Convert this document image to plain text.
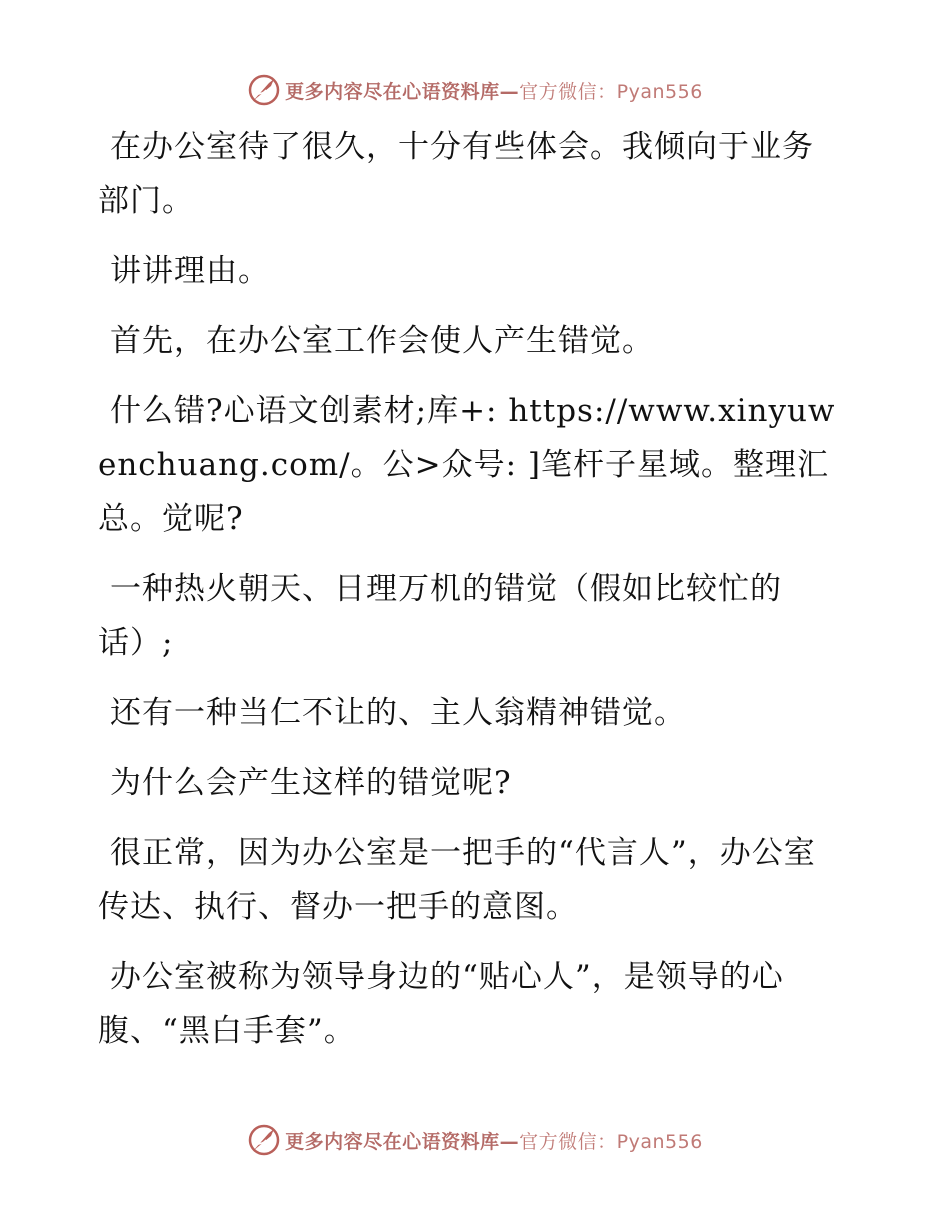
更多内容尽在心语资料库—官方微信：Pyan556

在办公室待了很久，十分有些体会。我倾向于业务部门。

讲讲理由。

首先，在办公室工作会使人产生错觉。

什么错?心语文创素材;库+: https://www.xinyuwenchuang.com/。公>众号: ]笔杆子星域。整理汇总。觉呢?

一种热火朝天、日理万机的错觉（假如比较忙的话）;

还有一种当仁不让的、主人翁精神错觉。

为什么会产生这样的错觉呢?

很正常，因为办公室是一把手的“代言人”，办公室传达、执行、督办一把手的意图。

办公室被称为领导身边的“贴心人”，是领导的心腹、“黑白手套”。

更多内容尽在心语资料库—官方微信：Pyan556
